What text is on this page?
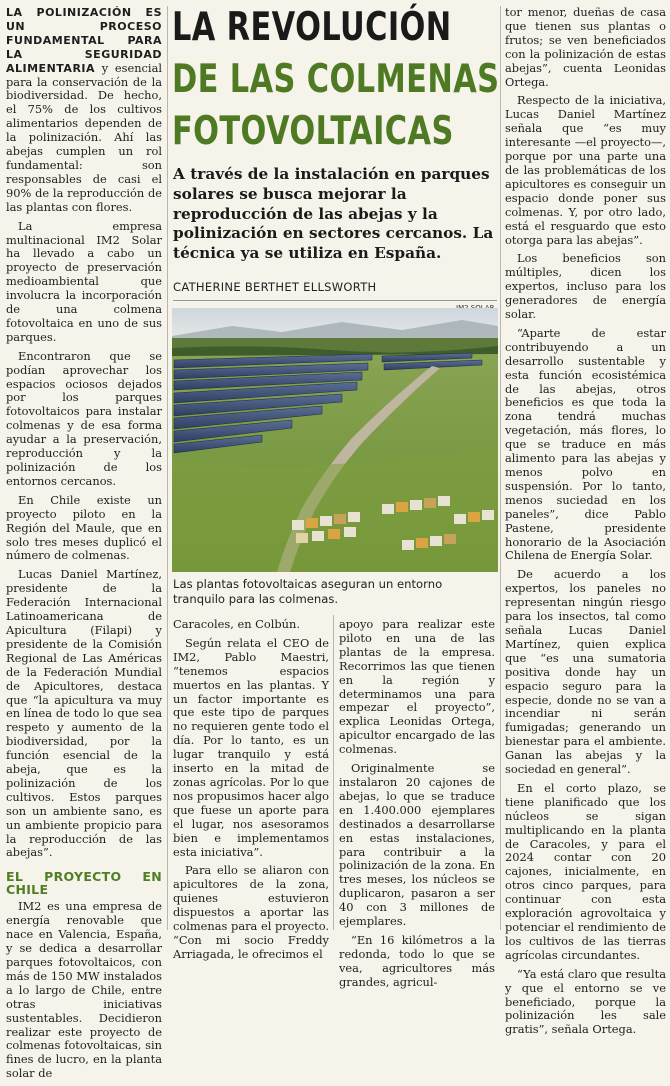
LA POLINIZACIÓN ES UN PROCESO FUNDAMENTAL PARA LA SEGURIDAD ALIMENTARIA y esencial para la conservación de la biodiversidad. De hecho, el 75% de los cultivos alimentarios dependen de la polinización. Ahí las abejas cumplen un rol fundamental: son responsables de casi el 90% de la reproducción de las plantas con flores.

La empresa multinacional IM2 Solar ha llevado a cabo un proyecto de preservación medioambiental que involucra la incorporación de una colmena fotovoltaica en uno de sus parques.

Encontraron que se podían aprovechar los espacios ociosos dejados por los parques fotovoltaicos para instalar colmenas y de esa forma ayudar a la preservación, reproducción y la polinización de los entornos cercanos.

En Chile existe un proyecto piloto en la Región del Maule, que en solo tres meses duplicó el número de colmenas.

Lucas Daniel Martínez, presidente de la Federación Internacional Latinoamericana de Apicultura (Filapi) y presidente de la Comisión Regional de Las Américas de la Federación Mundial de Apicultores, destaca que “la apicultura va muy en línea de todo lo que sea respeto y aumento de la biodiversidad, por la función esencial de la abeja, que es la polinización de los cultivos. Estos parques son un ambiente sano, es un ambiente propicio para la reproducción de las abejas”.

EL PROYECTO EN CHILE

IM2 es una empresa de energía renovable que nace en Valencia, España, y se dedica a desarrollar parques fotovoltaicos, con más de 150 MW instalados a lo largo de Chile, entre otras iniciativas sustentables. Decidieron realizar este proyecto de colmenas fotovoltaicas, sin fines de lucro, en la planta solar de

LA REVOLUCIÓN
DE LAS COLMENAS
FOTOVOLTAICAS
A través de la instalación en parques solares se busca mejorar la reproducción de las abejas y la polinización en sectores cercanos. La técnica ya se utiliza en España.
CATHERINE BERTHET ELLSWORTH
Las plantas fotovoltaicas aseguran un entorno tranquilo para las colmenas.

Caracoles, en Colbún.

Según relata el CEO de IM2, Pablo Maestri, “tenemos espacios muertos en las plantas. Y un factor importante es que este tipo de parques no requieren gente todo el día. Por lo tanto, es un lugar tranquilo y está inserto en la mitad de zonas agrícolas. Por lo que nos propusimos hacer algo que fuese un aporte para el lugar, nos asesoramos bien e implementamos esta iniciativa”.

Para ello se aliaron con apicultores de la zona, quienes estuvieron dispuestos a aportar las colmenas para el proyecto. “Con mi socio Freddy Arriagada, le ofrecimos el

apoyo para realizar este piloto en una de las plantas de la empresa. Recorrimos las que tienen en la región y determinamos una para empezar el proyecto”, explica Leonidas Ortega, apicultor encargado de las colmenas.

Originalmente se instalaron 20 cajones de abejas, lo que se traduce en 1.400.000 ejemplares destinados a desarrollarse en estas instalaciones, para contribuir a la polinización de la zona. En tres meses, los núcleos se duplicaron, pasaron a ser 40 con 3 millones de ejemplares.

“En 16 kilómetros a la redonda, todo lo que se vea, agricultores más grandes, agricul-

tor menor, dueñas de casa que tienen sus plantas o frutos; se ven beneficiados con la polinización de estas abejas”, cuenta Leonidas Ortega.

Respecto de la iniciativa, Lucas Daniel Martínez señala que “es muy interesante —el proyecto—, porque por una parte una de las problemáticas de los apicultores es conseguir un espacio donde poner sus colmenas. Y, por otro lado, está el resguardo que esto otorga para las abejas”.

Los beneficios son múltiples, dicen los expertos, incluso para los generadores de energía solar.

“Aparte de estar contribuyendo a un desarrollo sustentable y esta función ecosistémica de las abejas, otros beneficios es que toda la zona tendrá muchas vegetación, más flores, lo que se traduce en más alimento para las abejas y menos polvo en suspensión. Por lo tanto, menos suciedad en los paneles”, dice Pablo Pastene, presidente honorario de la Asociación Chilena de Energía Solar.

De acuerdo a los expertos, los paneles no representan ningún riesgo para los insectos, tal como señala Lucas Daniel Martínez, quien explica que “es una sumatoria positiva donde hay un espacio seguro para la especie, donde no se van a incendiar ni serán fumigadas; generando un bienestar para el ambiente. Ganan las abejas y la sociedad en general”.

En el corto plazo, se tiene planificado que los núcleos se sigan multiplicando en la planta de Caracoles, y para el 2024 contar con 20 cajones, inicialmente, en otros cinco parques, para continuar con esta exploración agrovoltaica y potenciar el rendimiento de los cultivos de las tierras agrícolas circundantes.

“Ya está claro que resulta y que el entorno se ve beneficiado, porque la polinización les sale gratis”, señala Ortega.
